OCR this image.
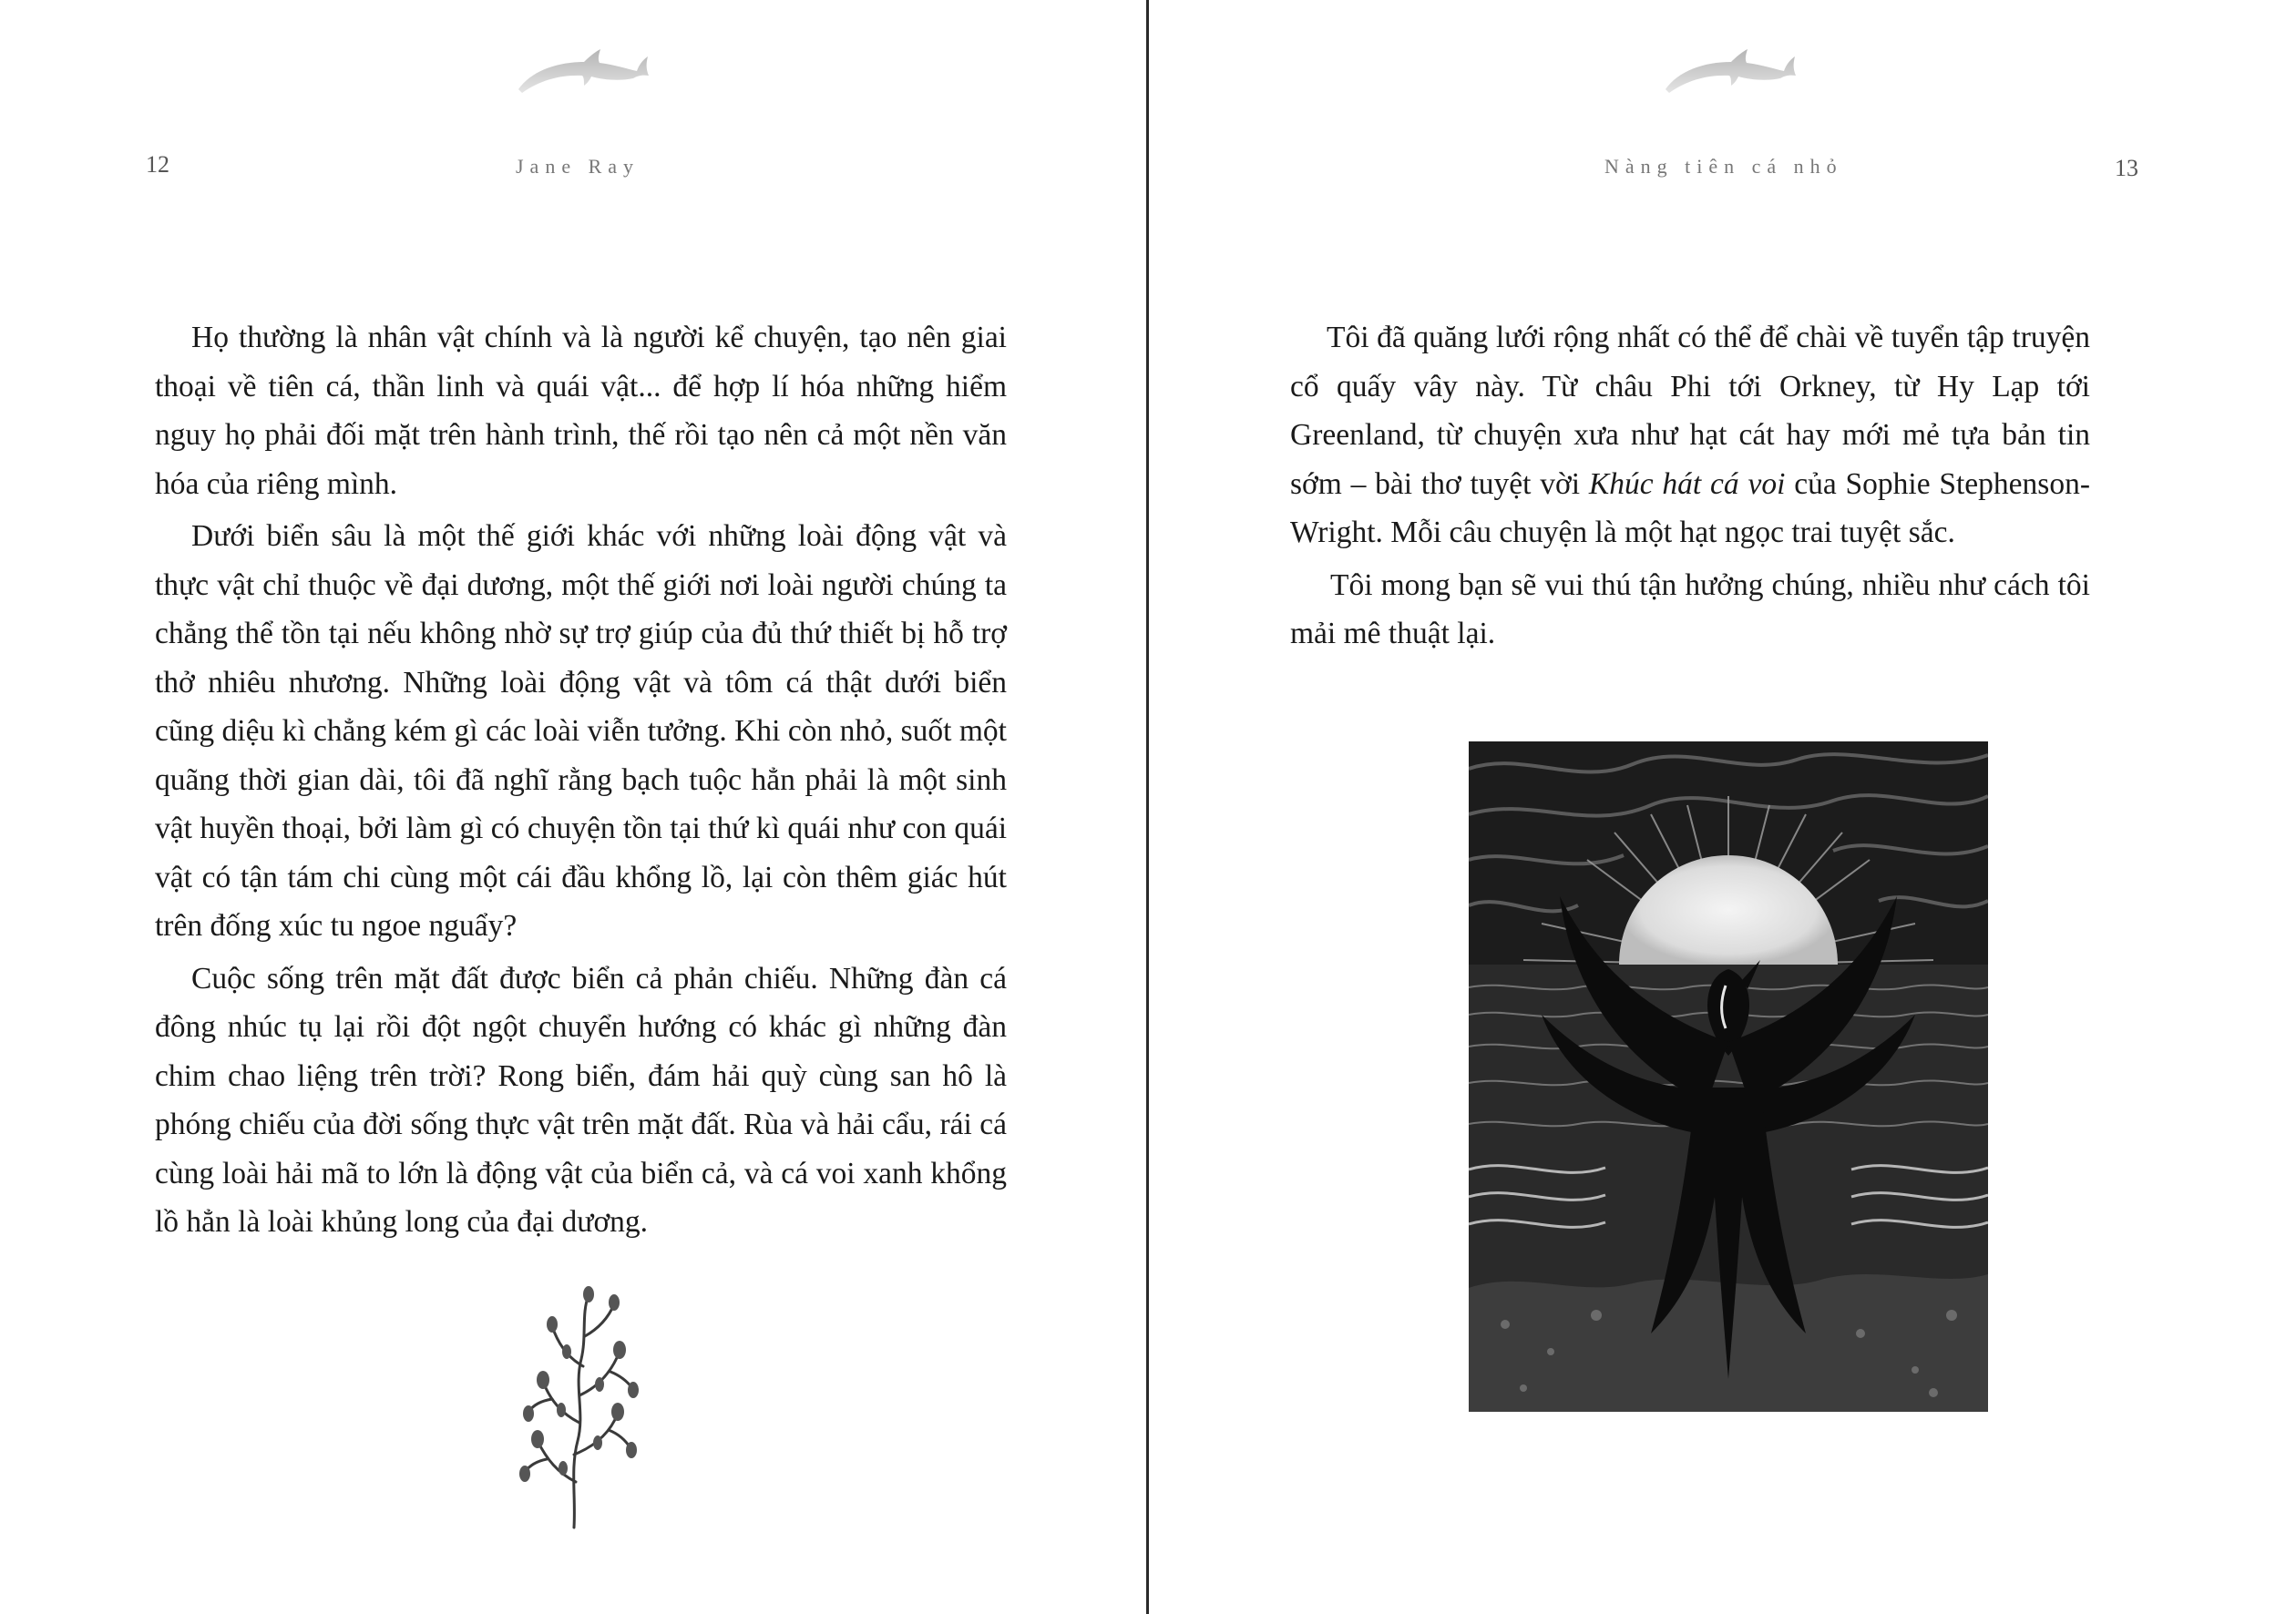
12	Jane Ray

Họ thường là nhân vật chính và là người kể chuyện, tạo nên giai thoại về tiên cá, thần linh và quái vật... để hợp lí hóa những hiểm nguy họ phải đối mặt trên hành trình, thế rồi tạo nên cả một nền văn hóa của riêng mình.

Dưới biển sâu là một thế giới khác với những loài động vật và thực vật chỉ thuộc về đại dương, một thế giới nơi loài người chúng ta chẳng thể tồn tại nếu không nhờ sự trợ giúp của đủ thứ thiết bị hỗ trợ thở nhiêu nhương. Những loài động vật và tôm cá thật dưới biển cũng diệu kì chẳng kém gì các loài viễn tưởng. Khi còn nhỏ, suốt một quãng thời gian dài, tôi đã nghĩ rằng bạch tuộc hẳn phải là một sinh vật huyền thoại, bởi làm gì có chuyện tồn tại thứ kì quái như con quái vật có tận tám chi cùng một cái đầu khổng lồ, lại còn thêm giác hút trên đống xúc tu ngoe nguẩy?

Cuộc sống trên mặt đất được biển cả phản chiếu. Những đàn cá đông nhúc tụ lại rồi đột ngột chuyển hướng có khác gì những đàn chim chao liệng trên trời? Rong biển, đám hải quỳ cùng san hô là phóng chiếu của đời sống thực vật trên mặt đất. Rùa và hải cẩu, rái cá cùng loài hải mã to lớn là động vật của biển cả, và cá voi xanh khổng lồ hẳn là loài khủng long của đại dương.

Nàng tiên cá nhỏ	13

Tôi đã quăng lưới rộng nhất có thể để chài về tuyển tập truyện cổ quấy vây này. Từ châu Phi tới Orkney, từ Hy Lạp tới Greenland, từ chuyện xưa như hạt cát hay mới mẻ tựa bản tin sớm – bài thơ tuyệt vời Khúc hát cá voi của Sophie Stephenson-Wright. Mỗi câu chuyện là một hạt ngọc trai tuyệt sắc.

Tôi mong bạn sẽ vui thú tận hưởng chúng, nhiều như cách tôi mải mê thuật lại.
